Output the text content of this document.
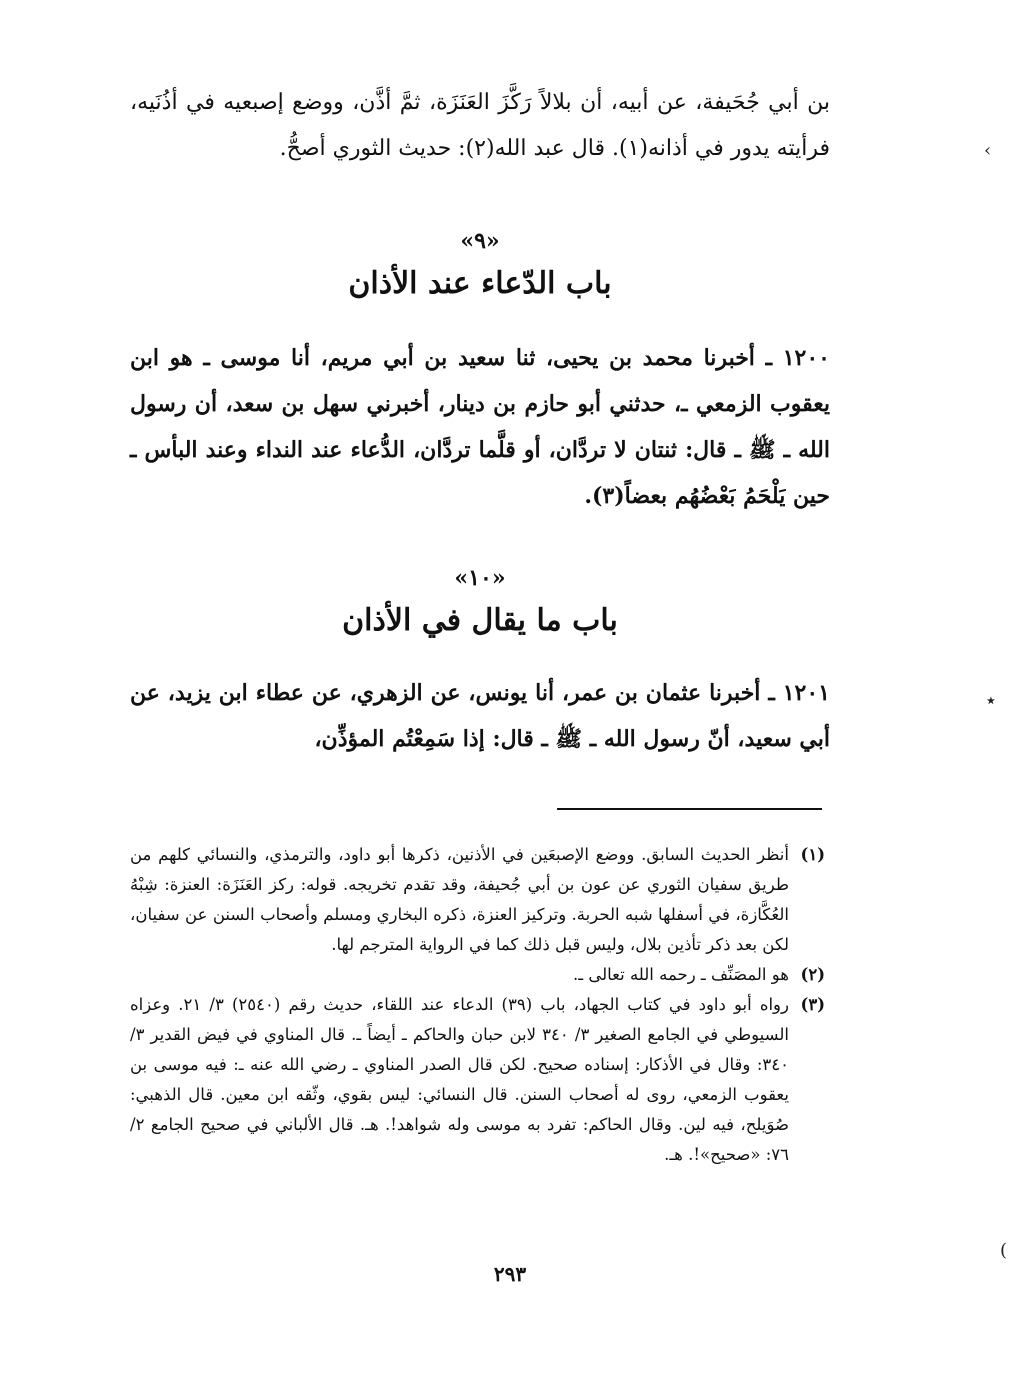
بن أبي جُحَيفة، عن أبيه، أن بلالاً رَكَّزَ العَنَزَة، ثمَّ أذَّن، ووضع إصبعيه في أذُنَيه، فرأيته يدور في أذانه(١). قال عبد الله(٢): حديث الثوري أصحُّ.

«٩»
باب الدّعاء عند الأذان

١٢٠٠ ـ أخبرنا محمد بن يحيى، ثنا سعيد بن أبي مريم، أنا موسى ـ هو ابن يعقوب الزمعي ـ، حدثني أبو حازم بن دينار، أخبرني سهل بن سعد، أن رسول الله ـ ﷺ ـ قال: ثنتان لا تردَّان، أو قلَّما تردَّان، الدُّعاء عند النداء وعند البأس ـ حين يَلْحَمُ بَعْضُهُم بعضاً(٣).

«١٠»
باب ما يقال في الأذان

١٢٠١ ـ أخبرنا عثمان بن عمر، أنا يونس، عن الزهري، عن عطاء ابن يزيد، عن أبي سعيد، أنّ رسول الله ـ ﷺ ـ قال: إذا سَمِعْتُم المؤذِّن،

(١)
أنظر الحديث السابق. ووضع الإصبعَين في الأذنين، ذكرها أبو داود، والترمذي، والنسائي كلهم من طريق سفيان الثوري عن عون بن أبي جُحيفة، وقد تقدم تخريجه. قوله: ركز العَنَزَة: العنزة: شِبْهُ العُكَّازة، في أسفلها شبه الحربة. وتركيز العنزة، ذكره البخاري ومسلم وأصحاب السنن عن سفيان، لكن بعد ذكر تأذين بلال، وليس قبل ذلك كما في الرواية المترجم لها.
(٢)
هو المصَنِّف ـ رحمه الله تعالى ـ.
(٣)
رواه أبو داود في كتاب الجهاد، باب (٣٩) الدعاء عند اللقاء، حديث رقم (٢٥٤٠) ٣/ ٢١. وعزاه السيوطي في الجامع الصغير ٣/ ٣٤٠ لابن حبان والحاكم ـ أيضاً ـ. قال المناوي في فيض القدير ٣/ ٣٤٠: وقال في الأذكار: إسناده صحيح. لكن قال الصدر المناوي ـ رضي الله عنه ـ: فيه موسى بن يعقوب الزمعي، روى له أصحاب السنن. قال النسائي: ليس بقوي، وثّقه ابن معين. قال الذهبي: صُوَيلح، فيه لين. وقال الحاكم: تفرد به موسى وله شواهد!. هـ. قال الألباني في صحيح الجامع ٢/ ٧٦: «صحيح»!. هـ.
٢٩٣
›
٭
)
